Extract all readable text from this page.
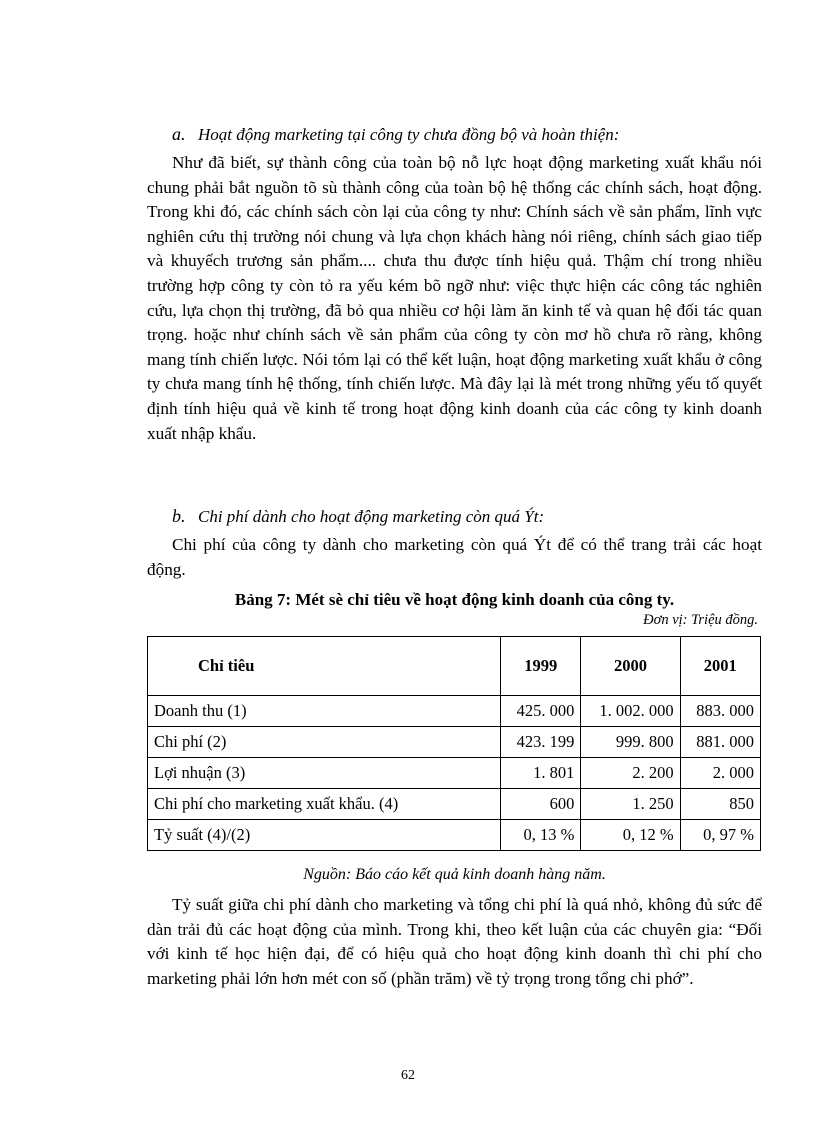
a. Hoạt động marketing tại công ty chưa đồng bộ và hoàn thiện:
Như đã biết, sự thành công của toàn bộ nỗ lực hoạt động marketing xuất khẩu nói chung phải bắt nguồn tõ sù thành công của toàn bộ hệ thống các chính sách, hoạt động. Trong khi đó, các chính sách còn lại của công ty như: Chính sách về sản phẩm, lĩnh vực nghiên cứu thị trường nói chung và lựa chọn khách hàng nói riêng, chính sách giao tiếp và khuyếch trương sản phẩm.... chưa thu được tính hiệu quả. Thậm chí trong nhiều trường hợp công ty còn tỏ ra yếu kém bõ ngỡ như: việc thực hiện các công tác nghiên cứu, lựa chọn thị trường, đã bỏ qua nhiều cơ hội làm ăn kinh tế và quan hệ đối tác quan trọng. hoặc như chính sách về sản phẩm của công ty còn mơ hồ chưa rõ ràng, không mang tính chiến lược. Nói tóm lại có thể kết luận, hoạt động marketing xuất khẩu ở công ty chưa mang tính hệ thống, tính chiến lược. Mà đây lại là mét trong những yếu tố quyết định tính hiệu quả về kinh tế trong hoạt động kinh doanh của các công ty kinh doanh xuất nhập khẩu.
b. Chi phí dành cho hoạt động marketing còn quá Ýt:
Chi phí của công ty dành cho marketing còn quá Ýt để có thể trang trải các hoạt động.
Bảng 7: Mét sè chỉ tiêu về hoạt động kinh doanh của công ty.
Đơn vị: Triệu đồng.
Chỉ tiêu	1999	2000	2001
Doanh thu (1)	425. 000	1. 002. 000	883. 000
Chi phí (2)	423. 199	999. 800	881. 000
Lợi nhuận (3)	1. 801	2. 200	2. 000
Chi phí cho marketing xuất khẩu. (4)	600	1. 250	850
Tỷ suất (4)/(2)	0, 13 %	0, 12 %	0, 97 %
Nguồn: Báo cáo kết quả kinh doanh hàng năm.
Tỷ suất giữa chi phí dành cho marketing và tổng chi phí là quá nhỏ, không đủ sức để dàn trải đủ các hoạt động của mình. Trong khi, theo kết luận của các chuyên gia: “Đối với kinh tế học hiện đại, để có hiệu quả cho hoạt động kinh doanh thì chi phí cho marketing phải lớn hơn mét con số (phần trăm) về tỷ trọng trong tổng chi phớ”.
62
